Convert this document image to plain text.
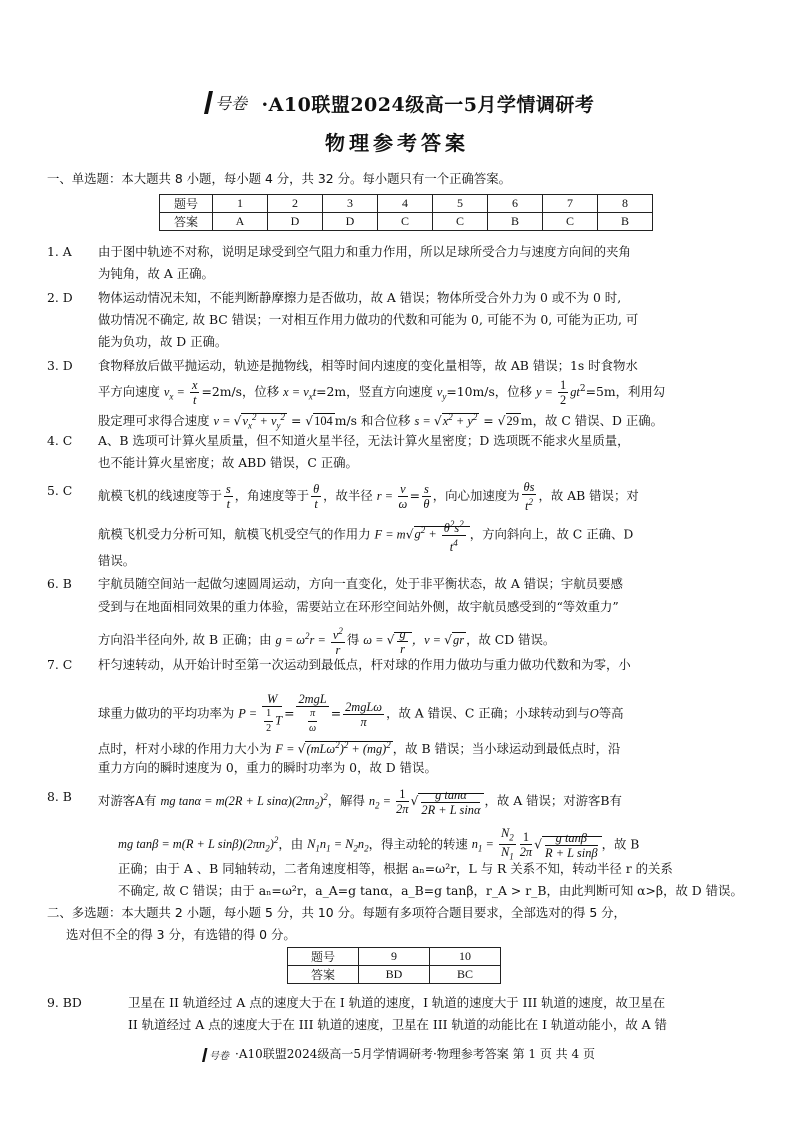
号卷 ·A10联盟2024级高一5月学情调研考
物理参考答案
一、单选题：本大题共 8 小题，每小题 4 分，共 32 分。每小题只有一个正确答案。
题号	1	2	3	4	5	6	7	8
答案	A	D	D	C	C	B	C	B
1. A 由于图中轨迹不对称，说明足球受到空气阻力和重力作用，所以足球所受合力与速度方向间的夹角
为钝角，故 A 正确。
2. D 物体运动情况未知，不能判断静摩擦力是否做功，故 A 错误；物体所受合外力为 0 或不为 0 时,
做功情况不确定, 故 BC 错误；一对相互作用力做功的代数和可能为 0, 可能不为 0, 可能为正功, 可
能为负功，故 D 正确。
3. D 食物释放后做平抛运动，轨迹是抛物线，相等时间内速度的变化量相等，故 AB 错误；1s 时食物水
平方向速度 $v_x = \frac{x}{t} =2m/s$，位移 $x = v_xt=2m$，竖直方向速度 $v_y=10m/s$，位移 $y = \frac{1}{2} gt^2=5m$，利用勾
股定理可求得合速度 $v = √v_x^2 + v_y^2 = √104$ m/s 和合位移 $s = √x^2 + y^2 = √29$ m，故 C 错误、D 正确。
4. C A、B 选项可计算火星质量，但不知道火星半径，无法计算火星密度；D 选项既不能求火星质量，
也不能计算火星密度；故 ABD 错误，C 正确。
5. C 航模飞机的线速度等于 $\frac{s}{t}$ ，角速度等于 $\frac{\theta}{t}$ ，故半径 $r = \frac{v}{\omega} = \frac{s}{\theta}$ ，向心加速度为 $\frac{\theta s}{t^2}$ ，故 AB 错误；对
航模飞机受力分析可知，航模飞机受空气的作用力 $F = m√g^2 + \frac{\theta^2s^2}{t^4}$ ，方向斜向上，故 C 正确、D
错误。
6. B 宇航员随空间站一起做匀速圆周运动，方向一直变化，处于非平衡状态，故 A 错误；宇航员要感
受到与在地面相同效果的重力体验，需要站立在环形空间站外侧，故宇航员感受到的“等效重力”
方向沿半径向外, 故 B 正确；由 $g = \omega^2r = \frac{v^2}{r}$ 得 ω = √ $\frac{g}{r}$ ，v = √gr ，故 CD 错误。
7. C 杆匀速转动，从开始计时至第一次运动到最低点，杆对球的作用力做功与重力做功代数和为零，小
球重力做功的平均功率为 $P = \frac{W}{\frac{1}{2} T} = \frac{\text{2mgL}}{\frac{\pi}{\omega}} = \frac{\text{2mgLω}}{\pi}$ ，故 A 错误、C 正确；小球转动到与O等高
点时，杆对小球的作用力大小为 $F = √(mL\omega^2)^2 + (mg)^2$ ，故 B 错误；当小球运动到最低点时，沿
重力方向的瞬时速度为 0，重力的瞬时功率为 0，故 D 错误。
8. B 对游客A有 mg tanα = m(2R + L $\sin\alpha)(2\pi n_2)^2$，解得 $n_2 = \frac{1}{2\pi}$ √ $\frac{\text{g tanα}}{\text{2R + L sinα}}$ ，故 A 错误；对游客B有
mg tanβ = m(R + L $\sin\beta)(2\pi n_2)^2$，由 $N_1n_1 = N_2n_2$，得主动轮的转速 $n_1 = \frac{N_2}{N_1} \frac{1}{2\pi}$ √ $\frac{\text{g tanβ}}{\text{R + L sinβ}}$ ，故 B
正确；由于 A 、B 同轴转动，二者角速度相等，根据 aₙ=ω²r，L 与 R 关系不知，转动半径 r 的关系
不确定, 故 C 错误；由于 aₙ=ω²r，a_A=g tanα，a_B=g tanβ，r_A > r_B，由此判断可知 α>β，故 D 错误。
二、多选题：本大题共 2 小题，每小题 5 分，共 10 分。每题有多项符合题目要求，全部选对的得 5 分，
选对但不全的得 3 分，有选错的得 0 分。
题号	9	10
答案	BD	BC
9. BD	卫星在 II 轨道经过 A 点的速度大于在 I 轨道的速度，I 轨道的速度大于 III 轨道的速度，故卫星在
II 轨道经过 A 点的速度大于在 III 轨道的速度，卫星在 III 轨道的动能比在 I 轨道动能小，故 A 错
号卷 ·A10联盟2024级高一5月学情调研考·物理参考答案 第 1 页 共 4 页
